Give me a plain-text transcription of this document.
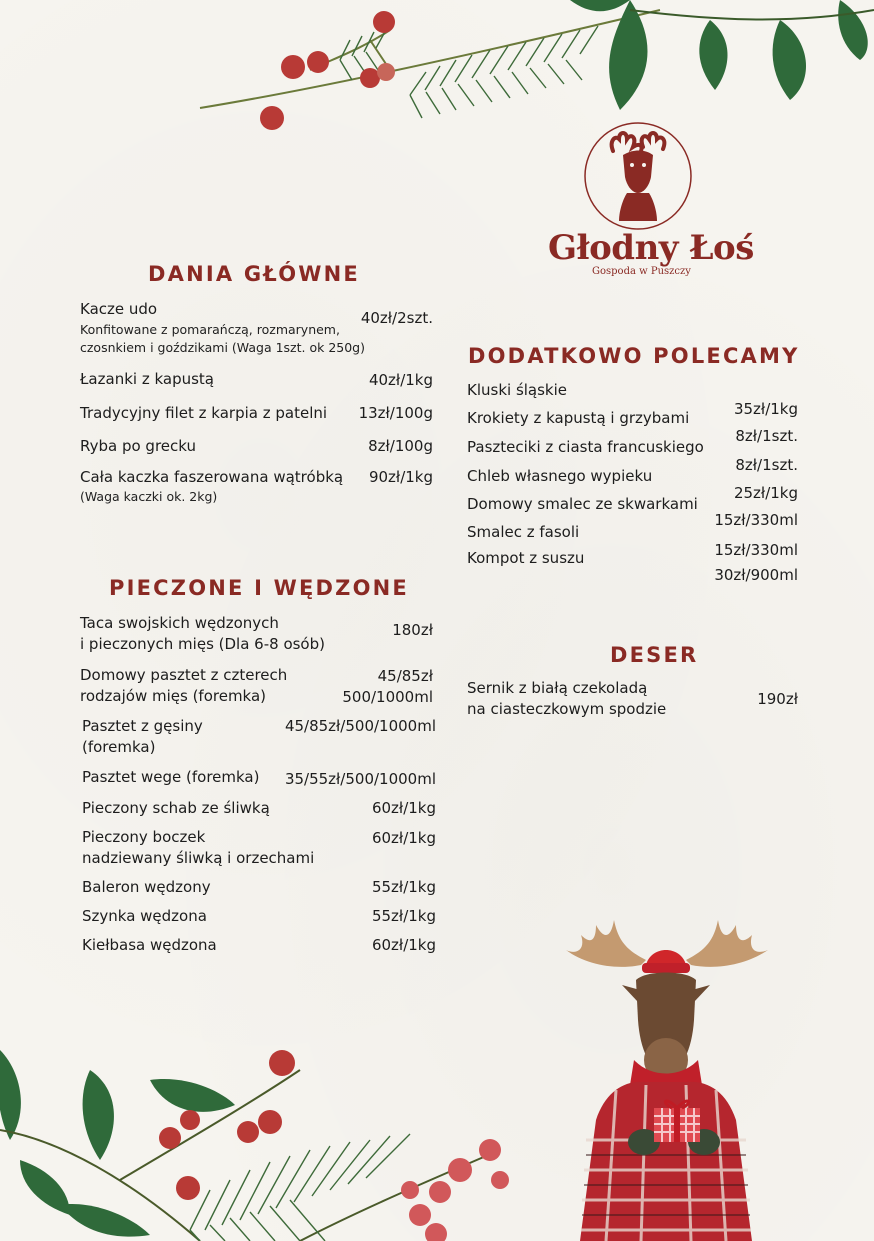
Głodny Łoś
Gospoda w Puszczy
DANIA GŁÓWNE
Kacze udo
Konfitowane z pomarańczą, rozmarynem,
czosnkiem i goździkami (Waga 1szt. ok 250g)
40zł/2szt.
Łazanki z kapustą	40zł/1kg
Tradycyjny filet z karpia z patelni 13zł/100g
Ryba po grecku	8zł/100g
Cała kaczka faszerowana wątróbką
(Waga kaczki ok. 2kg)
90zł/1kg
PIECZONE I WĘDZONE
Taca swojskich wędzonych
i pieczonych mięs (Dla 6-8 osób)
180zł
Domowy pasztet z czterech
rodzajów mięs (foremka)
45/85zł
500/1000ml
Pasztet z gęsiny
(foremka)
45/85zł/500/1000ml
Pasztet wege (foremka) 35/55zł/500/1000ml
Pieczony schab ze śliwką	60zł/1kg
Pieczony boczek
nadziewany śliwką i orzechami
60zł/1kg
Baleron wędzony	55zł/1kg
Szynka wędzona	55zł/1kg
Kiełbasa wędzona	60zł/1kg
DODATKOWO POLECAMY
Kluski śląskie
Krokiety z kapustą i grzybami	35zł/1kg
Paszteciki z ciasta francuskiego
8zł/1szt.
Chleb własnego wypieku
8zł/1szt.
Domowy smalec ze skwarkami
25zł/1kg
Smalec z fasoli
15zł/330ml
Kompot z suszu	15zł/330ml
30zł/900ml
DESER
Sernik z białą czekoladą
na ciasteczkowym spodzie
190zł
